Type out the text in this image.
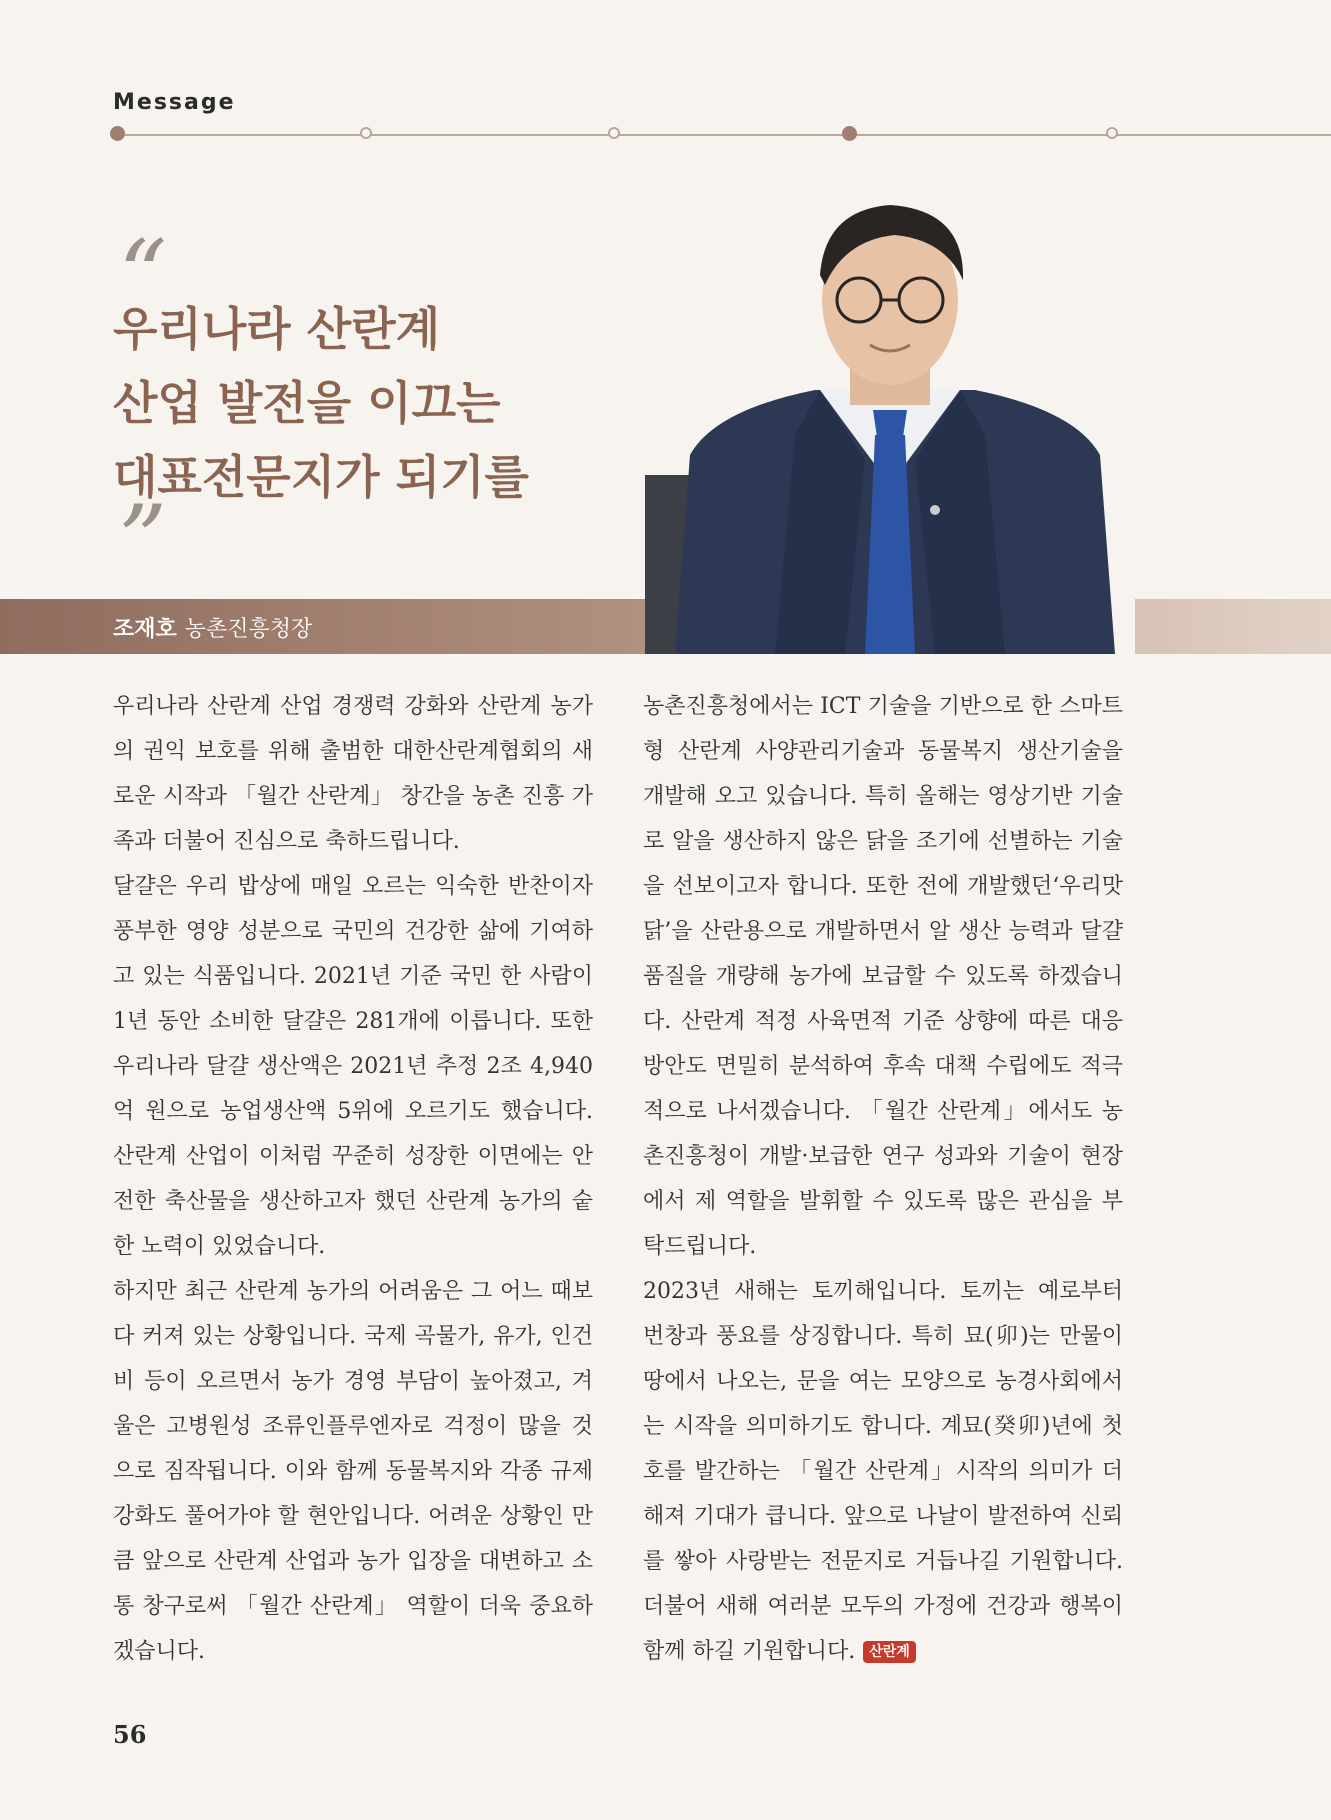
Message
“
우리나라 산란계
산업 발전을 이끄는
대표전문지가 되기를
”
조재호 농촌진흥청장

우리나라 산란계 산업 경쟁력 강화와 산란계 농가의 권익 보호를 위해 출범한 대한산란계협회의 새로운 시작과 「월간 산란계」 창간을 농촌 진흥 가족과 더불어 진심으로 축하드립니다.

달걀은 우리 밥상에 매일 오르는 익숙한 반찬이자 풍부한 영양 성분으로 국민의 건강한 삶에 기여하고 있는 식품입니다. 2021년 기준 국민 한 사람이 1년 동안 소비한 달걀은 281개에 이릅니다. 또한 우리나라 달걀 생산액은 2021년 추정 2조 4,940억 원으로 농업생산액 5위에 오르기도 했습니다. 산란계 산업이 이처럼 꾸준히 성장한 이면에는 안전한 축산물을 생산하고자 했던 산란계 농가의 숱한 노력이 있었습니다.

하지만 최근 산란계 농가의 어려움은 그 어느 때보다 커져 있는 상황입니다. 국제 곡물가, 유가, 인건비 등이 오르면서 농가 경영 부담이 높아졌고, 겨울은 고병원성 조류인플루엔자로 걱정이 많을 것으로 짐작됩니다. 이와 함께 동물복지와 각종 규제 강화도 풀어가야 할 현안입니다. 어려운 상황인 만큼 앞으로 산란계 산업과 농가 입장을 대변하고 소통 창구로써 「월간 산란계」 역할이 더욱 중요하겠습니다.

농촌진흥청에서는 ICT 기술을 기반으로 한 스마트형 산란계 사양관리기술과 동물복지 생산기술을 개발해 오고 있습니다. 특히 올해는 영상기반 기술로 알을 생산하지 않은 닭을 조기에 선별하는 기술을 선보이고자 합니다. 또한 전에 개발했던‘우리맛닭’을 산란용으로 개발하면서 알 생산 능력과 달걀 품질을 개량해 농가에 보급할 수 있도록 하겠습니다. 산란계 적정 사육면적 기준 상향에 따른 대응 방안도 면밀히 분석하여 후속 대책 수립에도 적극적으로 나서겠습니다. 「월간 산란계」에서도 농촌진흥청이 개발·보급한 연구 성과와 기술이 현장에서 제 역할을 발휘할 수 있도록 많은 관심을 부탁드립니다.

2023년 새해는 토끼해입니다. 토끼는 예로부터 번창과 풍요를 상징합니다. 특히 묘(卯)는 만물이 땅에서 나오는, 문을 여는 모양으로 농경사회에서는 시작을 의미하기도 합니다. 계묘(癸卯)년에 첫 호를 발간하는 「월간 산란계」시작의 의미가 더해져 기대가 큽니다. 앞으로 나날이 발전하여 신뢰를 쌓아 사랑받는 전문지로 거듭나길 기원합니다. 더불어 새해 여러분 모두의 가정에 건강과 행복이 함께 하길 기원합니다. 산란계

56
